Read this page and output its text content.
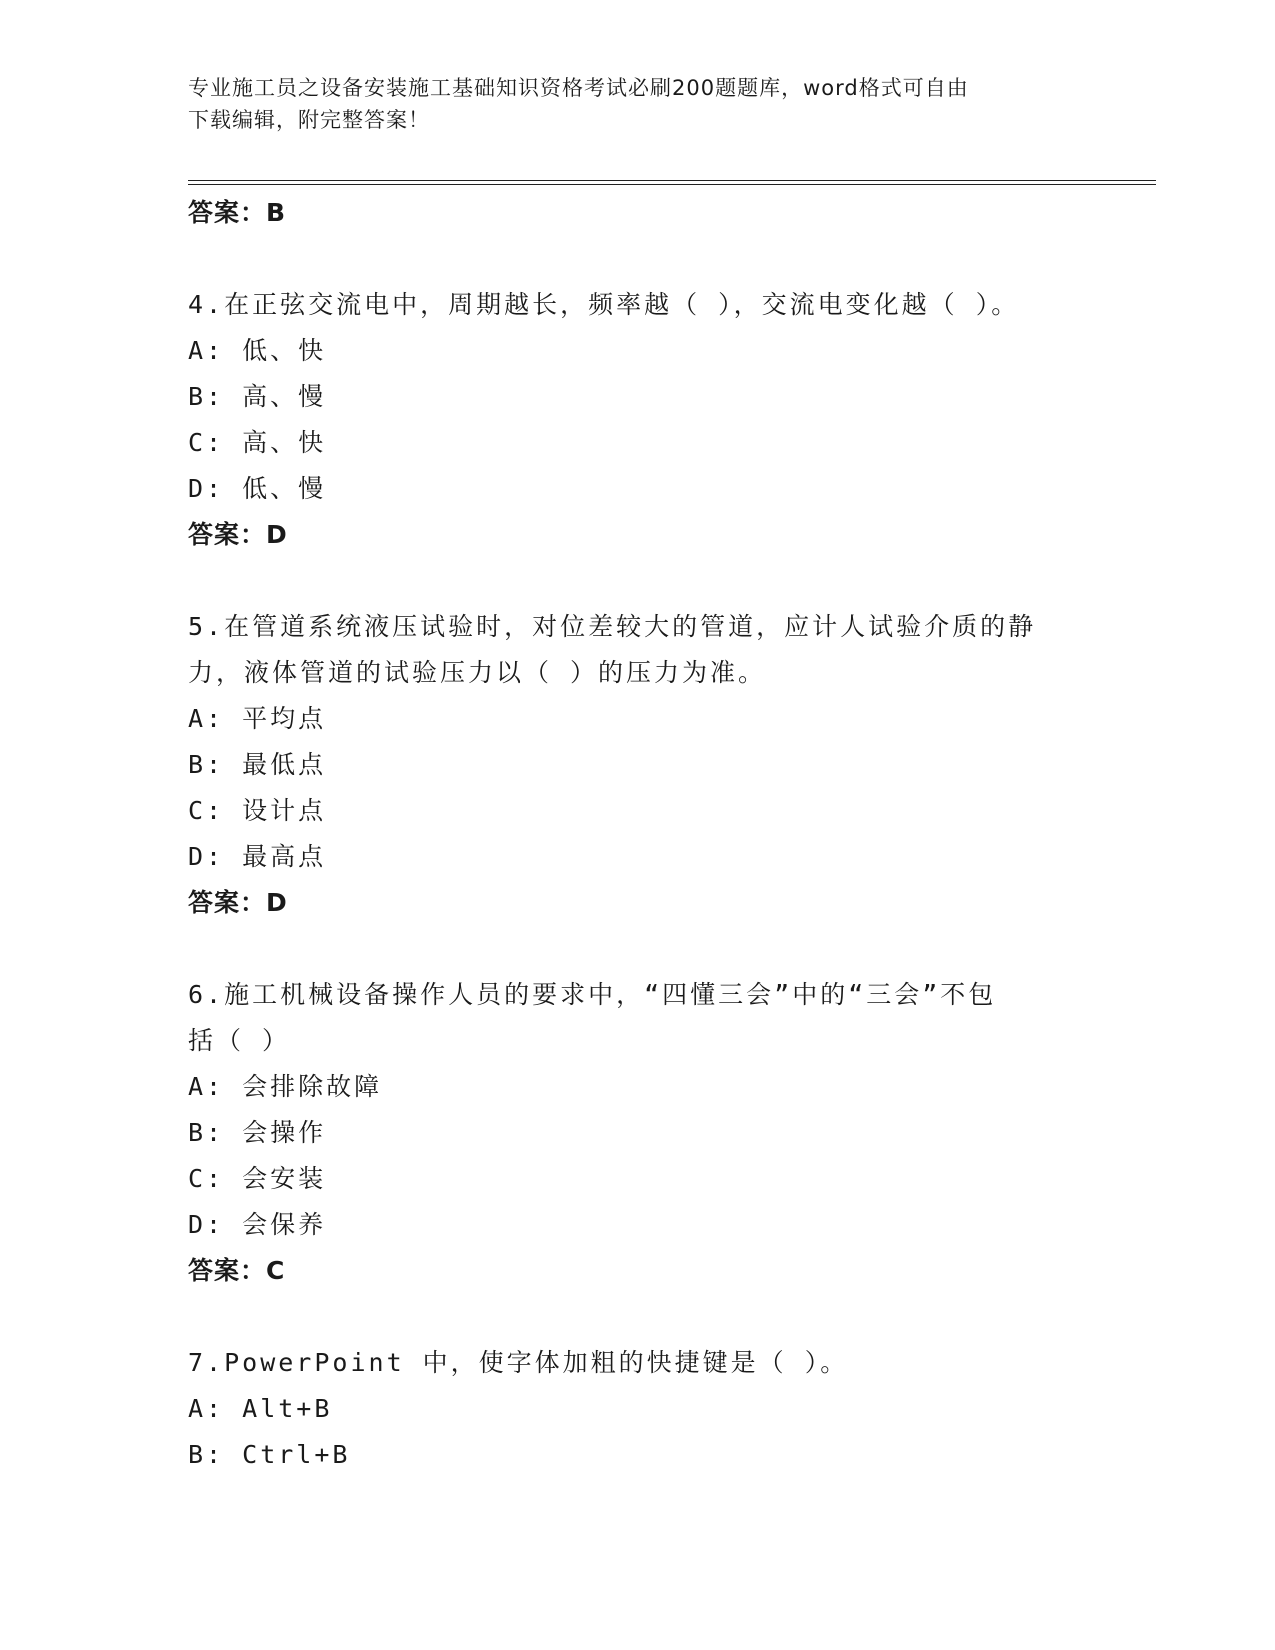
专业施工员之设备安装施工基础知识资格考试必刷200题题库，word格式可自由
下载编辑，附完整答案！
答案：B
4.在正弦交流电中，周期越长，频率越（ ），交流电变化越（ ）。
A: 低、快
B: 高、慢
C: 高、快
D: 低、慢
答案：D
5.在管道系统液压试验时，对位差较大的管道，应计人试验介质的静
力，液体管道的试验压力以（ ）的压力为准。
A: 平均点
B: 最低点
C: 设计点
D: 最高点
答案：D
6.施工机械设备操作人员的要求中，“四懂三会”中的“三会”不包
括（ ）
A: 会排除故障
B: 会操作
C: 会安装
D: 会保养
答案：C
7.PowerPoint 中，使字体加粗的快捷键是（ ）。
A: Alt+B
B: Ctrl+B
